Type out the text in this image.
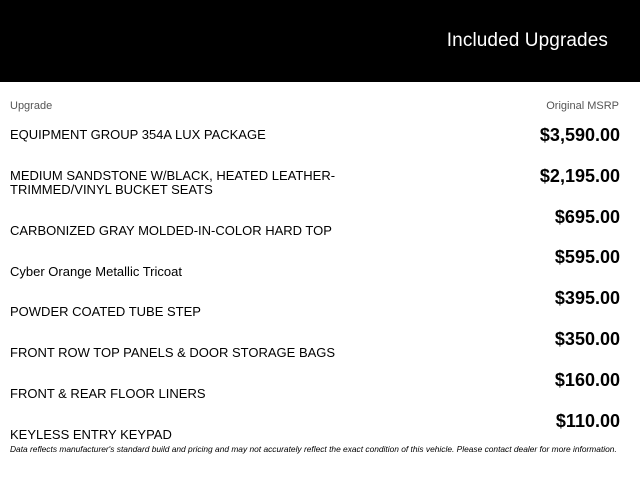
Included Upgrades
Upgrade	Original MSRP
EQUIPMENT GROUP 354A LUX PACKAGE	$3,590.00
MEDIUM SANDSTONE W/BLACK, HEATED LEATHER-TRIMMED/VINYL BUCKET SEATS
$2,195.00
CARBONIZED GRAY MOLDED-IN-COLOR HARD TOP
$695.00
Cyber Orange Metallic Tricoat
$595.00
POWDER COATED TUBE STEP
$395.00
FRONT ROW TOP PANELS & DOOR STORAGE BAGS
$350.00
FRONT & REAR FLOOR LINERS
$160.00
KEYLESS ENTRY KEYPAD
$110.00
Data reflects manufacturer's standard build and pricing and may not accurately reflect the exact condition of this vehicle. Please contact dealer for more information.
